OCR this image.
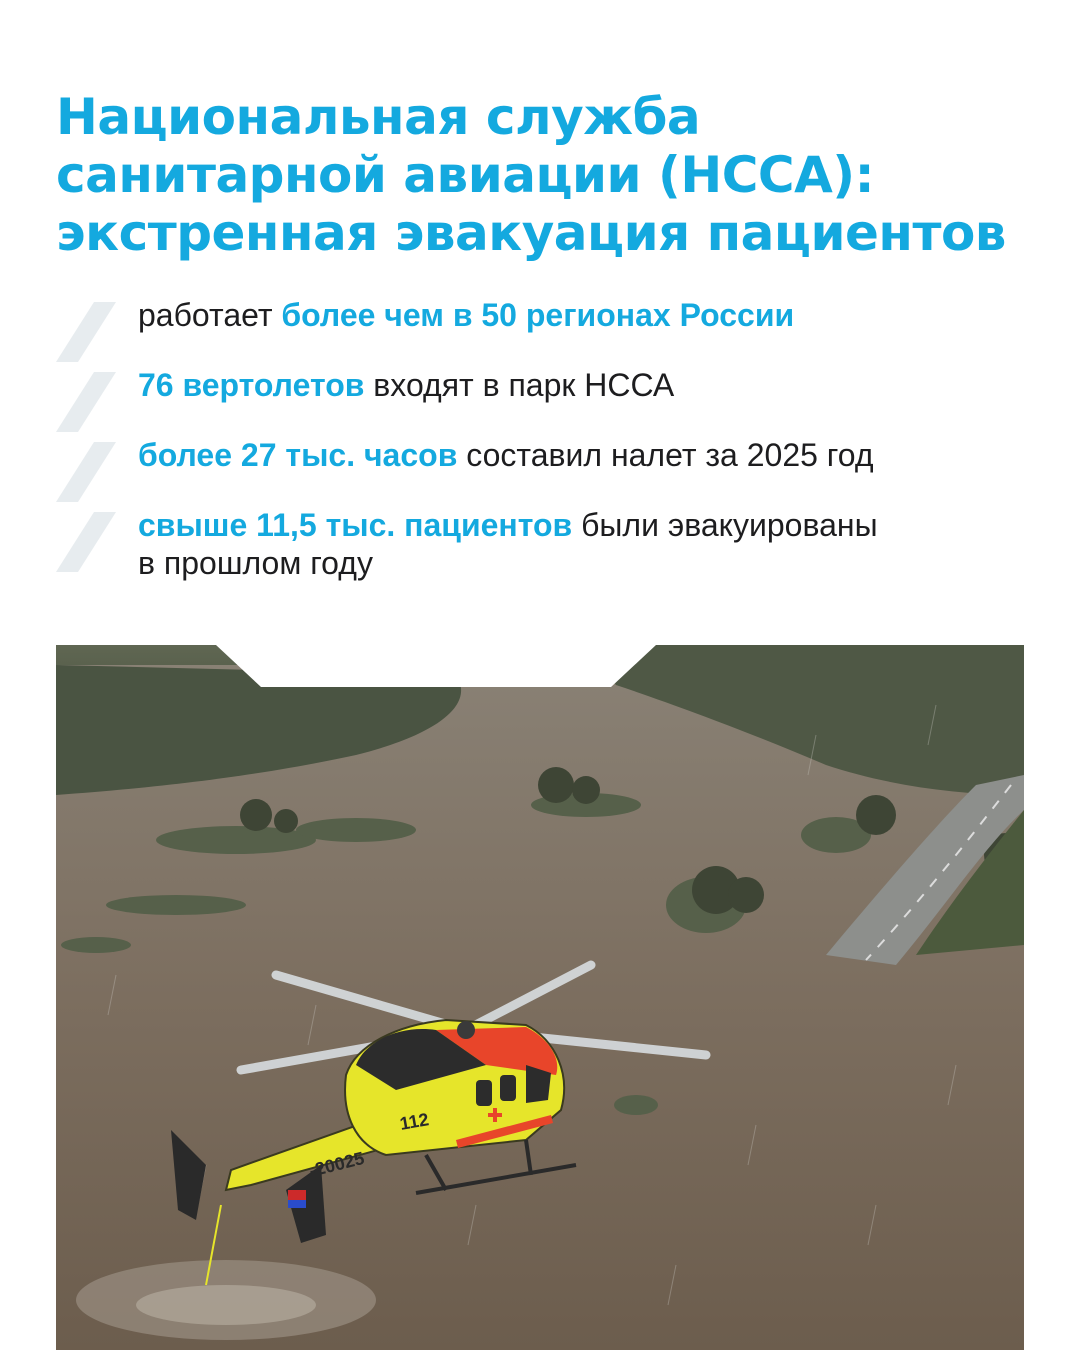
Национальная служба
санитарной авиации (НССА):
экстренная эвакуация пациентов
работает более чем в 50 регионах России
76 вертолетов входят в парк НССА
более 27 тыс. часов составил налет за 2025 год
свыше 11,5 тыс. пациентов были эвакуированы
в прошлом году
-20025
112
